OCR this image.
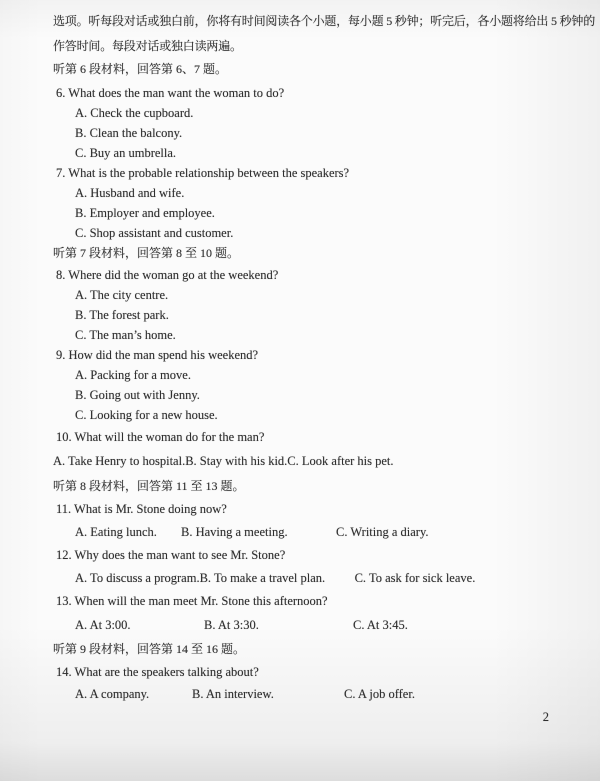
选项。听每段对话或独白前，你将有时间阅读各个小题，每小题 5 秒钟；听完后，各小题将给出 5 秒钟的
作答时间。每段对话或独白读两遍。
听第 6 段材料，回答第 6、7 题。
6. What does the man want the woman to do?
A. Check the cupboard.
B. Clean the balcony.
C. Buy an umbrella.
7. What is the probable relationship between the speakers?
A. Husband and wife.
B. Employer and employee.
C. Shop assistant and customer.
听第 7 段材料，回答第 8 至 10 题。
8. Where did the woman go at the weekend?
A. The city centre.
B. The forest park.
C. The man’s home.
9. How did the man spend his weekend?
A. Packing for a move.
B. Going out with Jenny.
C. Looking for a new house.
10. What will the woman do for the man?
A. Take Henry to hospital. B. Stay with his kid. C. Look after his pet.
听第 8 段材料，回答第 11 至 13 题。
11. What is Mr. Stone doing now?
A. Eating lunch.	B. Having a meeting.	C. Writing a diary.
12. Why does the man want to see Mr. Stone?
A. To discuss a program. B. To make a travel plan.	C. To ask for sick leave.
13. When will the man meet Mr. Stone this afternoon?
A. At 3:00.	B. At 3:30.	C. At 3:45.
听第 9 段材料，回答第 14 至 16 题。
14. What are the speakers talking about?
A. A company.	B. An interview.	C. A job offer.
2
